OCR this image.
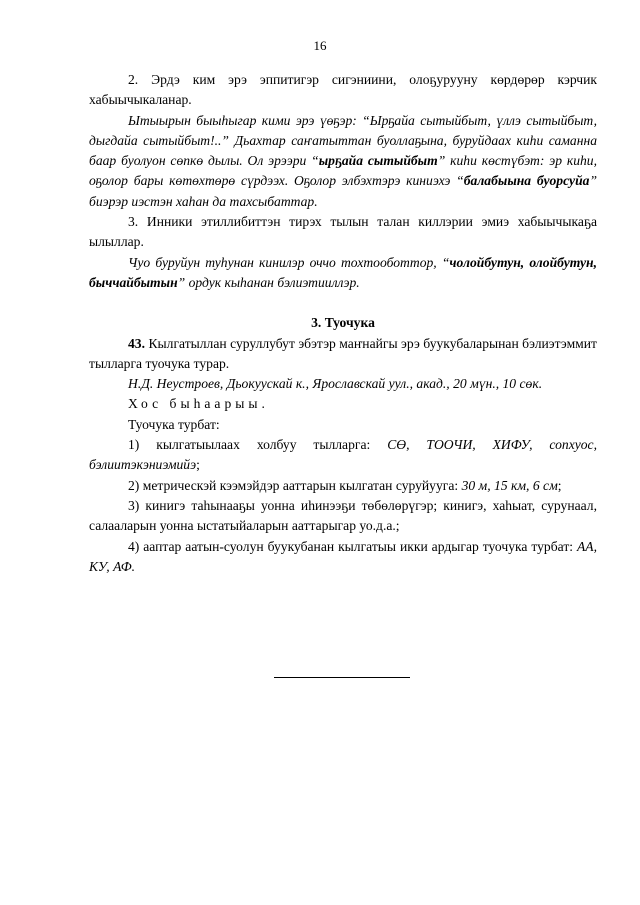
16

2. Эрдэ ким эрэ эппитигэр сигэниини, олоҕурууну көрдөрөр кэрчик хабыычыкаланар.

Ытыырын быыһыгар кими эрэ үөҕэр: “Ырҕайа сытыйбыт, үллэ сытыйбыт, дыгдайа сытыйбыт!..” Дьахтар саҥатыттан буоллаҕына, буруйдаах киһи саманна баар буолуон сөпкө дылы. Ол эрээри “ырҕайа сытыйбыт” киһи көстүбэт: эр киһи, оҕолор бары көтөхтөрө сүрдээх. Оҕолор элбэхтэрэ киниэхэ “балабыына буорсуйа” биэрэр иэстэн хаһан да тахсыбаттар.

3. Инники этиллибиттэн тирэх тылын талан киллэрии эмиэ хабыычыкаҕа ылыллар.

Чуо буруйун туһунан кинилэр оччо тохтооботтор, “чолойбутун, олойбутун, быччайбытын” ордук кыһанан бэлиэтииллэр.

3. Туочука

43. Кылгатыллан суруллубут эбэтэр маҥнайгы эрэ буукубаларынан бэлиэтэммит тылларга туочука турар.

Н.Д. Неустроев, Дьокуускай к., Ярославскай уул., акад., 20 мүн., 10 сөк.

Хос быһаарыы.

Туочука турбат:

1) кылгатыылаах холбуу тылларга: СӨ, ТООЧИ, ХИФУ, сопхуос, бэлиитэкэниэмийэ;

2) метрическэй кээмэйдэр ааттарын кылгатан суруйууга: 30 м, 15 км, 6 см;

3) кинигэ таһынааҕы уонна иһинээҕи төбөлөрүгэр; кинигэ, хаһыат, сурунаал, салааларын уонна ыстатыйаларын ааттарыгар уо.д.а.;

4) ааптар аатын-суолун буукубанан кылгатыы икки ардыгар туочука турбат: АА, КУ, АФ.
